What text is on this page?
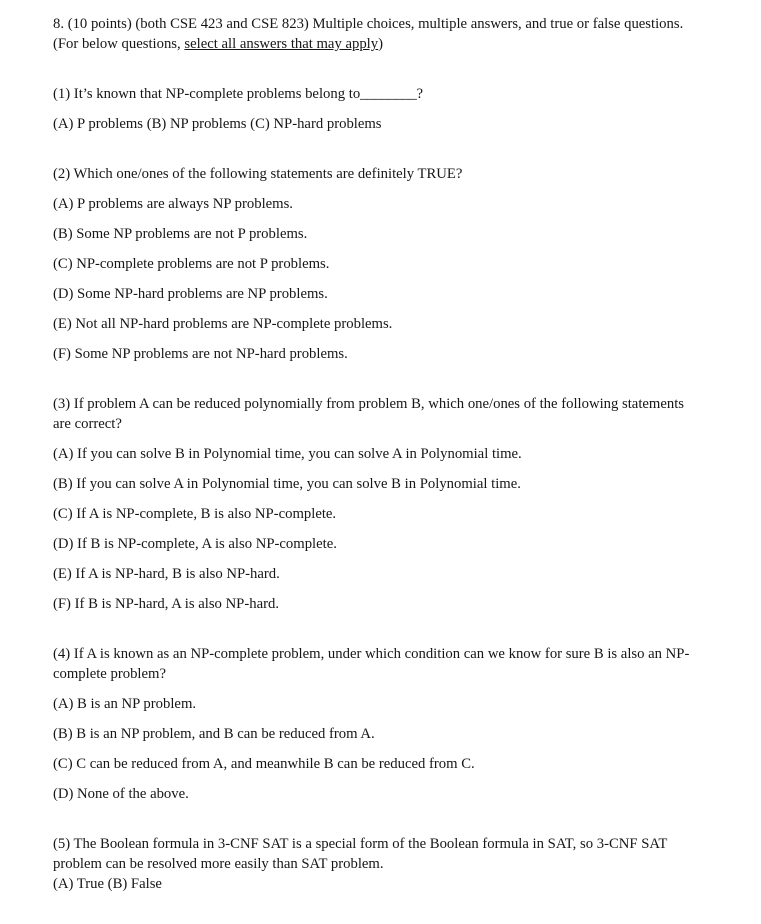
8. (10 points) (both CSE 423 and CSE 823) Multiple choices, multiple answers, and true or false questions. (For below questions, select all answers that may apply)
(1) It’s known that NP-complete problems belong to________?
(A) P problems (B) NP problems (C) NP-hard problems
(2) Which one/ones of the following statements are definitely TRUE?
(A) P problems are always NP problems.
(B) Some NP problems are not P problems.
(C) NP-complete problems are not P problems.
(D) Some NP-hard problems are NP problems.
(E) Not all NP-hard problems are NP-complete problems.
(F) Some NP problems are not NP-hard problems.
(3) If problem A can be reduced polynomially from problem B, which one/ones of the following statements are correct?
(A) If you can solve B in Polynomial time, you can solve A in Polynomial time.
(B) If you can solve A in Polynomial time, you can solve B in Polynomial time.
(C) If A is NP-complete, B is also NP-complete.
(D) If B is NP-complete, A is also NP-complete.
(E) If A is NP-hard, B is also NP-hard.
(F) If B is NP-hard, A is also NP-hard.
(4) If A is known as an NP-complete problem, under which condition can we know for sure B is also an NP-complete problem?
(A) B is an NP problem.
(B) B is an NP problem, and B can be reduced from A.
(C) C can be reduced from A, and meanwhile B can be reduced from C.
(D) None of the above.
(5) The Boolean formula in 3-CNF SAT is a special form of the Boolean formula in SAT, so 3-CNF SAT problem can be resolved more easily than SAT problem.
(A) True (B) False
